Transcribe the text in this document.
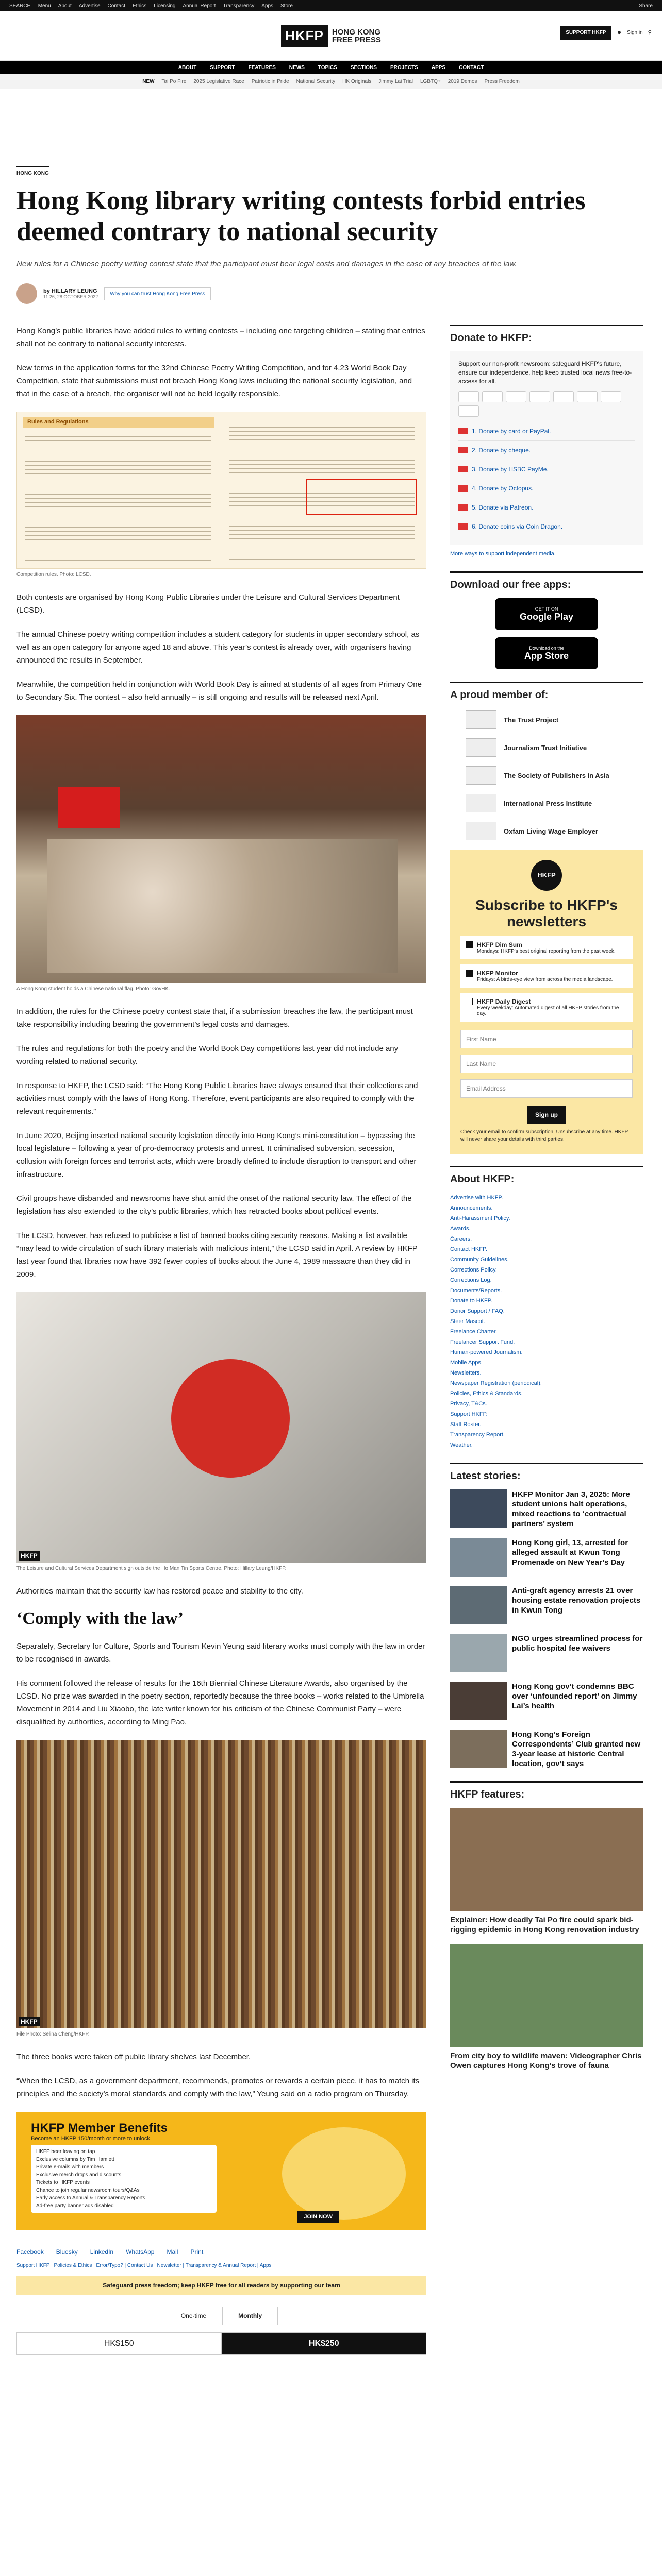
SEARCH Menu About Advertise Contact Ethics Licensing Annual Report Transparency Apps Store	Share
HKFP	HONG KONG
FREE PRESS
SUPPORT HKFP	☻ Sign in ⚲
ABOUT	SUPPORT	FEATURES	NEWS	TOPICS	SECTIONS	PROJECTS	APPS	CONTACT
NEW Tai Po Fire 2025 Legislative Race Patriotic in Pride National Security HK Originals Jimmy Lai Trial LGBTQ+ 2019 Demos Press Freedom
HONG KONG
Hong Kong library writing contests forbid entries deemed contrary to national security
New rules for a Chinese poetry writing contest state that the participant must bear legal costs and damages in the case of any breaches of the law.
by HILLARY LEUNG
11:26, 28 OCTOBER 2022
Why you can trust Hong Kong Free Press

Hong Kong’s public libraries have added rules to writing contests – including one targeting children – stating that entries shall not be contrary to national security interests.

New terms in the application forms for the 32nd Chinese Poetry Writing Competition, and for 4.23 World Book Day Competition, state that submissions must not breach Hong Kong laws including the national security legislation, and that in the case of a breach, the organiser will not be held legally responsible.

Rules and Regulations
Competition rules. Photo: LCSD.

Both contests are organised by Hong Kong Public Libraries under the Leisure and Cultural Services Department (LCSD).

The annual Chinese poetry writing competition includes a student category for students in upper secondary school, as well as an open category for anyone aged 18 and above. This year’s contest is already over, with organisers having announced the results in September.

Meanwhile, the competition held in conjunction with World Book Day is aimed at students of all ages from Primary One to Secondary Six. The contest – also held annually – is still ongoing and results will be released next April.

A Hong Kong student holds a Chinese national flag. Photo: GovHK.

In addition, the rules for the Chinese poetry contest state that, if a submission breaches the law, the participant must take responsibility including bearing the government’s legal costs and damages.

The rules and regulations for both the poetry and the World Book Day competitions last year did not include any wording related to national security.

In response to HKFP, the LCSD said: “The Hong Kong Public Libraries have always ensured that their collections and activities must comply with the laws of Hong Kong. Therefore, event participants are also required to comply with the relevant requirements.”

In June 2020, Beijing inserted national security legislation directly into Hong Kong’s mini-constitution – bypassing the local legislature – following a year of pro-democracy protests and unrest. It criminalised subversion, secession, collusion with foreign forces and terrorist acts, which were broadly defined to include disruption to transport and other infrastructure.

Civil groups have disbanded and newsrooms have shut amid the onset of the national security law. The effect of the legislation has also extended to the city’s public libraries, which has retracted books about political events.

The LCSD, however, has refused to publicise a list of banned books citing security reasons. Making a list available “may lead to wide circulation of such library materials with malicious intent,” the LCSD said in April. A review by HKFP last year found that libraries now have 392 fewer copies of books about the June 4, 1989 massacre than they did in 2009.

HKFP
The Leisure and Cultural Services Department sign outside the Ho Man Tin Sports Centre. Photo: Hillary Leung/HKFP.

Authorities maintain that the security law has restored peace and stability to the city.

‘Comply with the law’

Separately, Secretary for Culture, Sports and Tourism Kevin Yeung said literary works must comply with the law in order to be recognised in awards.

His comment followed the release of results for the 16th Biennial Chinese Literature Awards, also organised by the LCSD. No prize was awarded in the poetry section, reportedly because the three books – works related to the Umbrella Movement in 2014 and Liu Xiaobo, the late writer known for his criticism of the Chinese Communist Party – were disqualified by authorities, according to Ming Pao.

HKFP
File Photo: Selina Cheng/HKFP.

The three books were taken off public library shelves last December.

“When the LCSD, as a government department, recommends, promotes or rewards a certain piece, it has to match its principles and the society’s moral standards and comply with the law,” Yeung said on a radio program on Thursday.

HKFP Member Benefits
Become an HKFP 150/month or more to unlock
HKFP beer leaving on tap
Exclusive columns by Tim Hamlett
Private e-mails with members
Exclusive merch drops and discounts
Tickets to HKFP events
Chance to join regular newsroom tours/Q&As
Early access to Annual & Transparency Reports
Ad-free party banner ads disabled
JOIN NOW
Facebook Bluesky LinkedIn WhatsApp Mail Print
Support HKFP | Policies & Ethics | Error/Typo? | Contact Us | Newsletter | Transparency & Annual Report | Apps
Safeguard press freedom; keep HKFP free for all readers by supporting our team
One-time	Monthly
HK$150	HK$250
Donate to HKFP:

Support our non-profit newsroom: safeguard HKFP's future, ensure our independence, help keep trusted local news free-to-access for all.

1. Donate by card or PayPal.
2. Donate by cheque.
3. Donate by HSBC PayMe.
4. Donate by Octopus.
5. Donate via Patreon.
6. Donate coins via Coin Dragon.
More ways to support independent media.
Download our free apps:
GET IT ON
Google Play
Download on the
App Store
A proud member of:
The Trust Project
Journalism Trust Initiative
The Society of Publishers in Asia
International Press Institute
Oxfam Living Wage Employer
HKFP
Subscribe to HKFP's newsletters
HKFP Dim Sum
Mondays: HKFP's best original reporting from the past week.
HKFP Monitor
Fridays: A birds-eye view from across the media landscape.
HKFP Daily Digest
Every weekday: Automated digest of all HKFP stories from the day.
First Name Last Name Email Address Sign up
Check your email to confirm subscription. Unsubscribe at any time. HKFP will never share your details with third parties.
About HKFP:
Advertise with HKFP.
Announcements.
Anti-Harassment Policy.
Awards.
Careers.
Contact HKFP.
Community Guidelines.
Corrections Policy.
Corrections Log.
Documents/Reports.
Donate to HKFP.
Donor Support / FAQ.
Steer Mascot.
Freelance Charter.
Freelancer Support Fund.
Human-powered Journalism.
Mobile Apps.
Newsletters.
Newspaper Registration (periodical).
Policies, Ethics & Standards.
Privacy, T&Cs.
Support HKFP.
Staff Roster.
Transparency Report.
Weather.
Latest stories:
HKFP Monitor Jan 3, 2025: More student unions halt operations, mixed reactions to ‘contractual partners’ system
Hong Kong girl, 13, arrested for alleged assault at Kwun Tong Promenade on New Year’s Day
Anti-graft agency arrests 21 over housing estate renovation projects in Kwun Tong
NGO urges streamlined process for public hospital fee waivers
Hong Kong gov’t condemns BBC over ‘unfounded report’ on Jimmy Lai’s health
Hong Kong’s Foreign Correspondents’ Club granted new 3-year lease at historic Central location, gov’t says
HKFP features:
Explainer: How deadly Tai Po fire could spark bid-rigging epidemic in Hong Kong renovation industry
From city boy to wildlife maven: Videographer Chris Owen captures Hong Kong’s trove of fauna
